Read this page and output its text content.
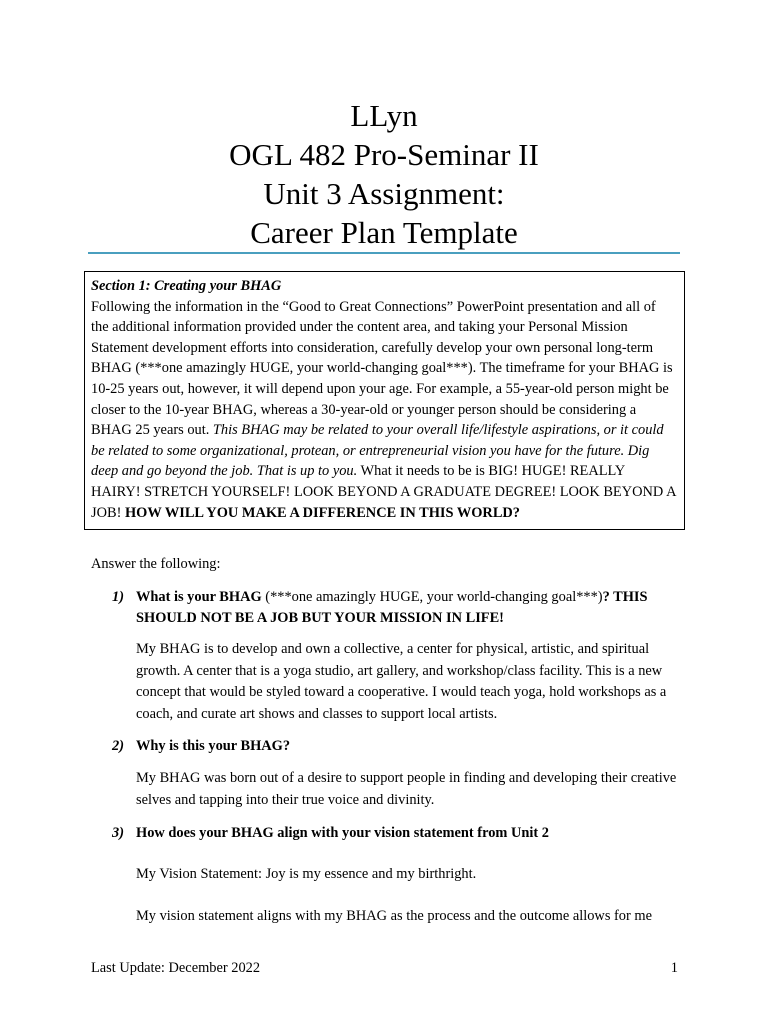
LLyn
OGL 482 Pro-Seminar II
Unit 3 Assignment:
Career Plan Template
Section 1: Creating your BHAG
Following the information in the “Good to Great Connections” PowerPoint presentation and all of the additional information provided under the content area, and taking your Personal Mission Statement development efforts into consideration, carefully develop your own personal long-term BHAG (***one amazingly HUGE, your world-changing goal***). The timeframe for your BHAG is 10-25 years out, however, it will depend upon your age. For example, a 55-year-old person might be closer to the 10-year BHAG, whereas a 30-year-old or younger person should be considering a BHAG 25 years out. This BHAG may be related to your overall life/lifestyle aspirations, or it could be related to some organizational, protean, or entrepreneurial vision you have for the future. Dig deep and go beyond the job. That is up to you. What it needs to be is BIG! HUGE! REALLY HAIRY! STRETCH YOURSELF! LOOK BEYOND A GRADUATE DEGREE! LOOK BEYOND A JOB! HOW WILL YOU MAKE A DIFFERENCE IN THIS WORLD?
Answer the following:
1) What is your BHAG (***one amazingly HUGE, your world-changing goal***)? THIS SHOULD NOT BE A JOB BUT YOUR MISSION IN LIFE!
My BHAG is to develop and own a collective, a center for physical, artistic, and spiritual growth. A center that is a yoga studio, art gallery, and workshop/class facility. This is a new concept that would be styled toward a cooperative. I would teach yoga, hold workshops as a coach, and curate art shows and classes to support local artists.
2) Why is this your BHAG?
My BHAG was born out of a desire to support people in finding and developing their creative selves and tapping into their true voice and divinity.
3) How does your BHAG align with your vision statement from Unit 2
My Vision Statement: Joy is my essence and my birthright.
My vision statement aligns with my BHAG as the process and the outcome allows for me
Last Update: December 2022	1
